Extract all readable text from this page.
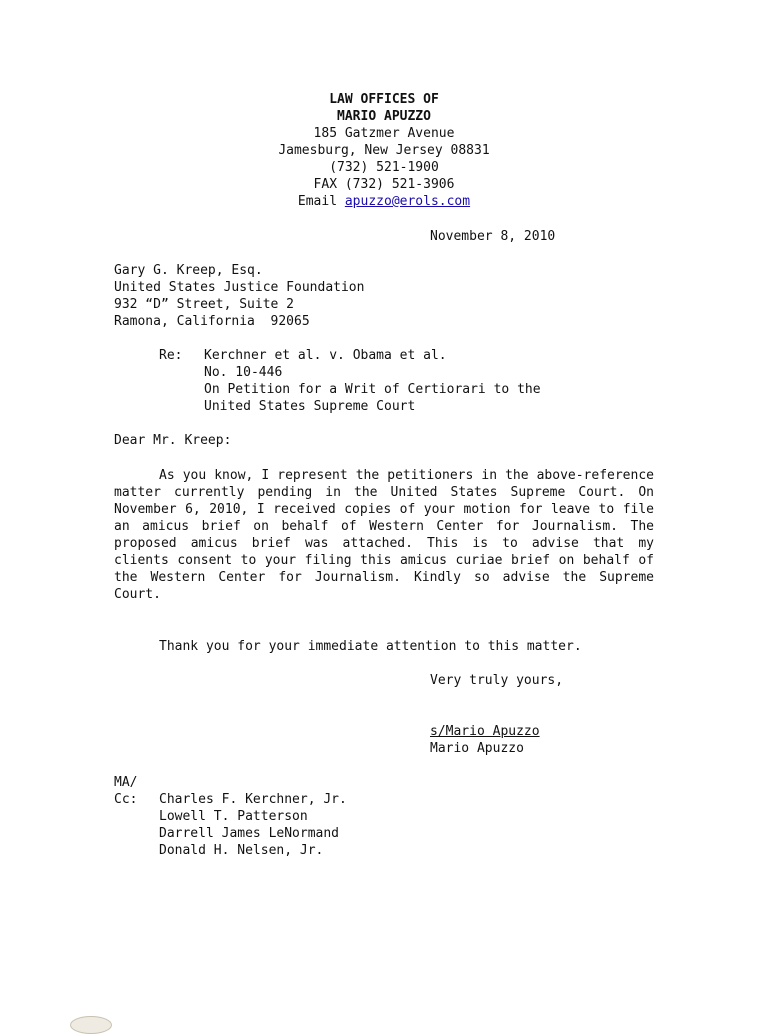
LAW OFFICES OF
MARIO APUZZO
185 Gatzmer Avenue
Jamesburg, New Jersey 08831
(732) 521-1900
FAX (732) 521-3906
Email apuzzo@erols.com
November 8, 2010
Gary G. Kreep, Esq.
United States Justice Foundation
932 “D” Street, Suite 2
Ramona, California  92065
Re:	Kerchner et al. v. Obama et al.
No. 10-446
On Petition for a Writ of Certiorari to the
United States Supreme Court
Dear Mr. Kreep:

As you know, I represent the petitioners in the above-reference matter currently pending in the United States Supreme Court. On November 6, 2010, I received copies of your motion for leave to file an amicus brief on behalf of Western Center for Journalism. The proposed amicus brief was attached. This is to advise that my clients consent to your filing this amicus curiae brief on behalf of the Western Center for Journalism. Kindly so advise the Supreme Court.

Thank you for your immediate attention to this matter.
Very truly yours,
s/Mario Apuzzo
Mario Apuzzo
MA/
Cc:	Charles F. Kerchner, Jr.
Lowell T. Patterson
Darrell James LeNormand
Donald H. Nelsen, Jr.
